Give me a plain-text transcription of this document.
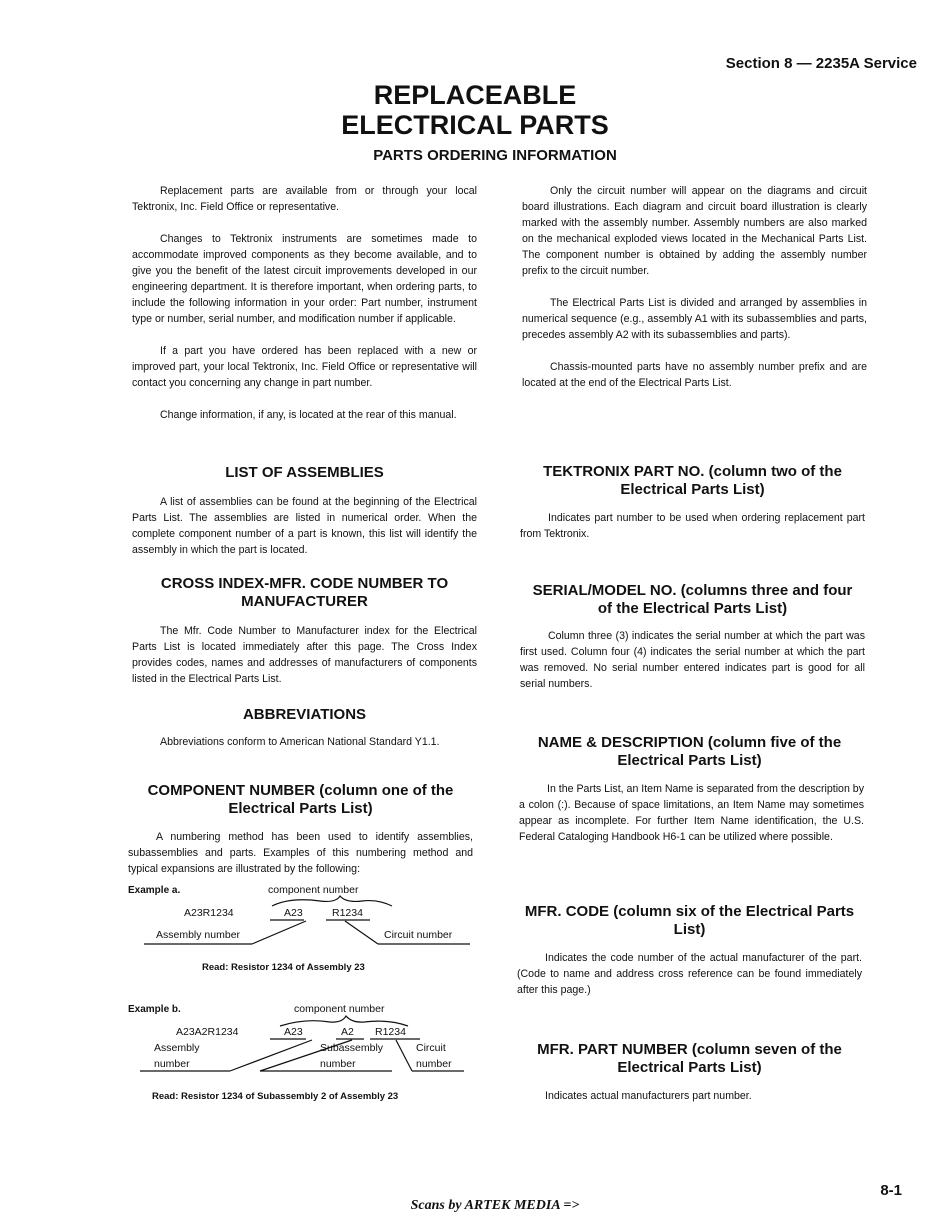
Section 8 — 2235A Service
REPLACEABLE
ELECTRICAL PARTS
PARTS ORDERING INFORMATION

Replacement parts are available from or through your local Tektronix, Inc. Field Office or representative.

Changes to Tektronix instruments are sometimes made to accommodate improved components as they become available, and to give you the benefit of the latest circuit improvements developed in our engineering department. It is therefore important, when ordering parts, to include the following information in your order: Part number, instrument type or number, serial number, and modification number if applicable.

If a part you have ordered has been replaced with a new or improved part, your local Tektronix, Inc. Field Office or representative will contact you concerning any change in part number.

Change information, if any, is located at the rear of this manual.

LIST OF ASSEMBLIES

A list of assemblies can be found at the beginning of the Electrical Parts List. The assemblies are listed in numerical order. When the complete component number of a part is known, this list will identify the assembly in which the part is located.

CROSS INDEX-MFR. CODE NUMBER TO
MANUFACTURER

The Mfr. Code Number to Manufacturer index for the Electrical Parts List is located immediately after this page. The Cross Index provides codes, names and addresses of manufacturers of components listed in the Electrical Parts List.

ABBREVIATIONS

Abbreviations conform to American National Standard Y1.1.

COMPONENT NUMBER (column one of the
Electrical Parts List)

A numbering method has been used to identify assemblies, subassemblies and parts. Examples of this numbering method and typical expansions are illustrated by the following:

Example a.	component number
A23R1234	A23	R1234
Assembly number	Circuit number
Read: Resistor 1234 of Assembly 23
Example b.	component number
A23A2R1234	A23	A2 R1234
Assembly
number
Subassembly
number
Circuit
number
Read: Resistor 1234 of Subassembly 2 of Assembly 23

Only the circuit number will appear on the diagrams and circuit board illustrations. Each diagram and circuit board illustration is clearly marked with the assembly number. Assembly numbers are also marked on the mechanical exploded views located in the Mechanical Parts List. The component number is obtained by adding the assembly number prefix to the circuit number.

The Electrical Parts List is divided and arranged by assemblies in numerical sequence (e.g., assembly A1 with its subassemblies and parts, precedes assembly A2 with its subassemblies and parts).

Chassis-mounted parts have no assembly number prefix and are located at the end of the Electrical Parts List.

TEKTRONIX PART NO. (column two of the
Electrical Parts List)

Indicates part number to be used when ordering replacement part from Tektronix.

SERIAL/MODEL NO. (columns three and four
of the Electrical Parts List)

Column three (3) indicates the serial number at which the part was first used. Column four (4) indicates the serial number at which the part was removed. No serial number entered indicates part is good for all serial numbers.

NAME & DESCRIPTION (column five of the
Electrical Parts List)

In the Parts List, an Item Name is separated from the description by a colon (:). Because of space limitations, an Item Name may sometimes appear as incomplete. For further Item Name identification, the U.S. Federal Cataloging Handbook H6-1 can be utilized where possible.

MFR. CODE (column six of the Electrical Parts
List)

Indicates the code number of the actual manufacturer of the part. (Code to name and address cross reference can be found immediately after this page.)

MFR. PART NUMBER (column seven of the
Electrical Parts List)

Indicates actual manufacturers part number.

8-1
Scans by ARTEK MEDIA =>
